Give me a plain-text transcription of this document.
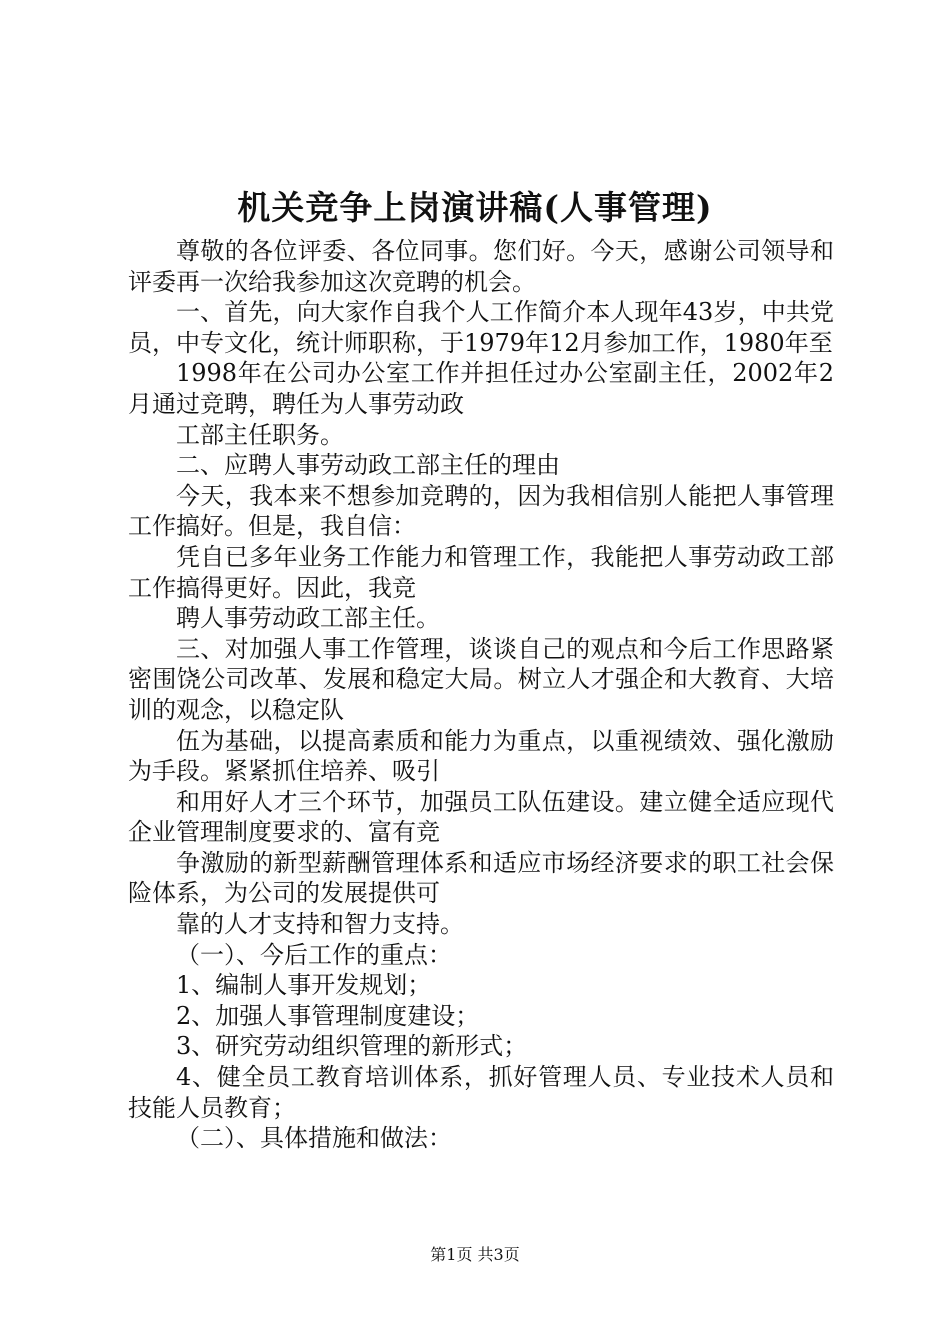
机关竞争上岗演讲稿(人事管理)

尊敬的各位评委、各位同事。您们好。今天，感谢公司领导和评委再一次给我参加这次竞聘的机会。

一、首先，向大家作自我个人工作简介本人现年43岁，中共党员，中专文化，统计师职称，于1979年12月参加工作，1980年至

1998年在公司办公室工作并担任过办公室副主任，2002年2月通过竞聘，聘任为人事劳动政

工部主任职务。

二、应聘人事劳动政工部主任的理由

今天，我本来不想参加竞聘的，因为我相信别人能把人事管理工作搞好。但是，我自信：

凭自已多年业务工作能力和管理工作，我能把人事劳动政工部工作搞得更好。因此，我竞

聘人事劳动政工部主任。

三、对加强人事工作管理，谈谈自己的观点和今后工作思路紧密围饶公司改革、发展和稳定大局。树立人才强企和大教育、大培训的观念，以稳定队

伍为基础，以提高素质和能力为重点，以重视绩效、强化激励为手段。紧紧抓住培养、吸引

和用好人才三个环节，加强员工队伍建设。建立健全适应现代企业管理制度要求的、富有竞

争激励的新型薪酬管理体系和适应市场经济要求的职工社会保险体系，为公司的发展提供可

靠的人才支持和智力支持。

（一）、今后工作的重点：

1、编制人事开发规划；

2、加强人事管理制度建设；

3、研究劳动组织管理的新形式；

4、健全员工教育培训体系，抓好管理人员、专业技术人员和技能人员教育；

（二）、具体措施和做法：

第1页 共3页
